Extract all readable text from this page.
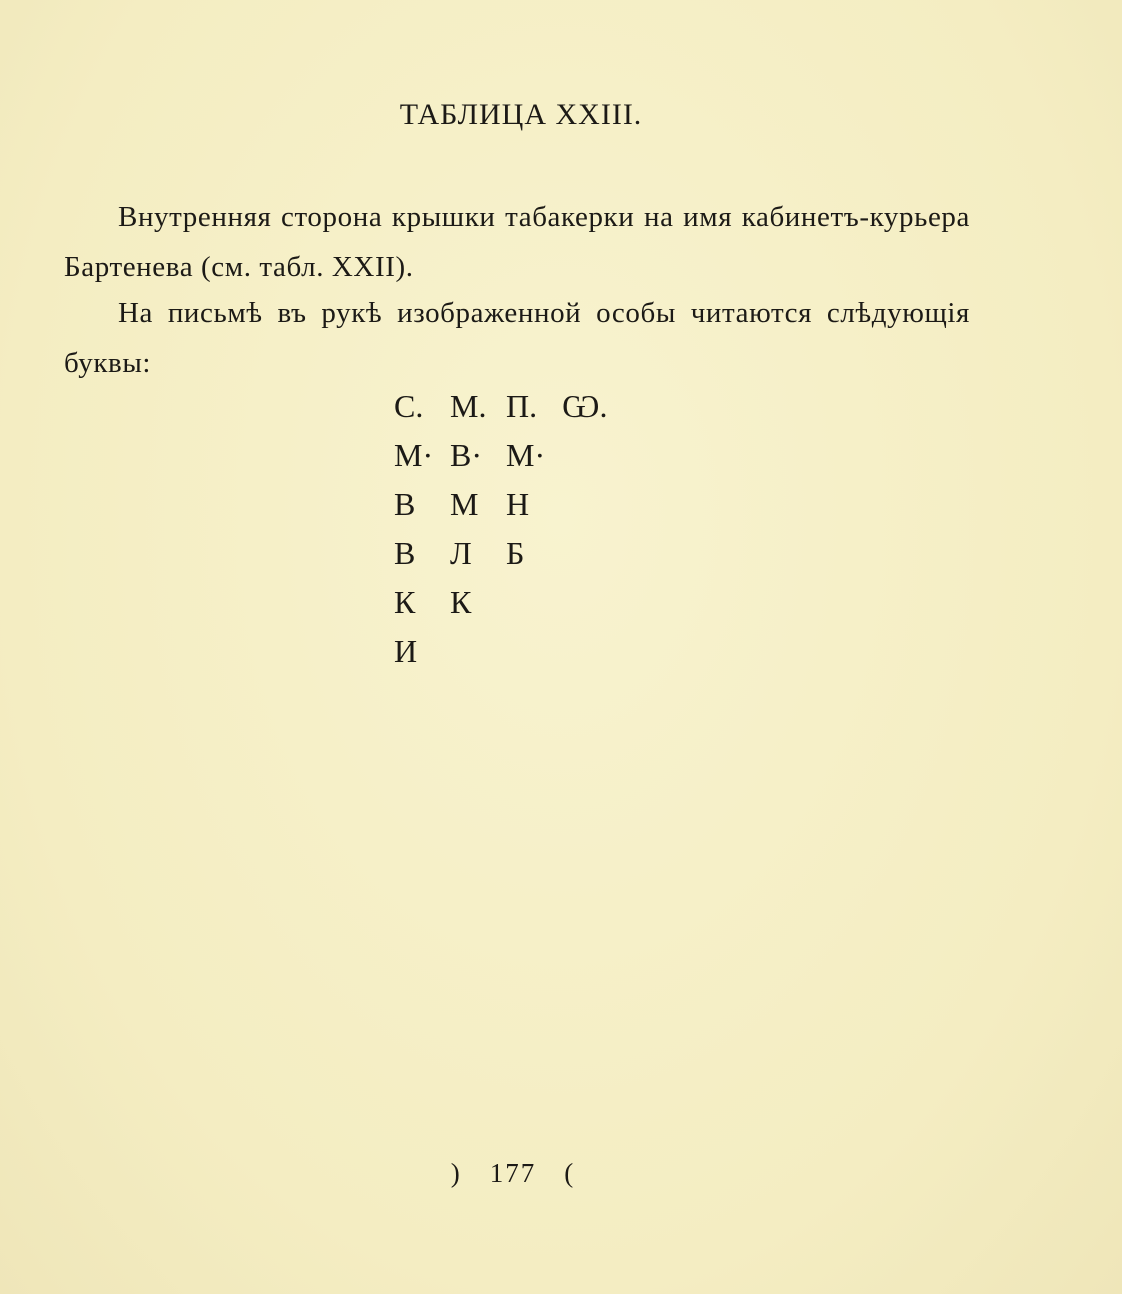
ТАБЛИЦА XXIII.
Внутренняя сторона крышки табакерки на имя кабинетъ-курьера Бартенева (см. табл. XXII).
На письмѣ въ рукѣ изображенной особы читаются слѣдующія буквы:
С. М. П. Ѡ.
М· В· М·
В М Н
В Л Б
К К
И
) 177 (
